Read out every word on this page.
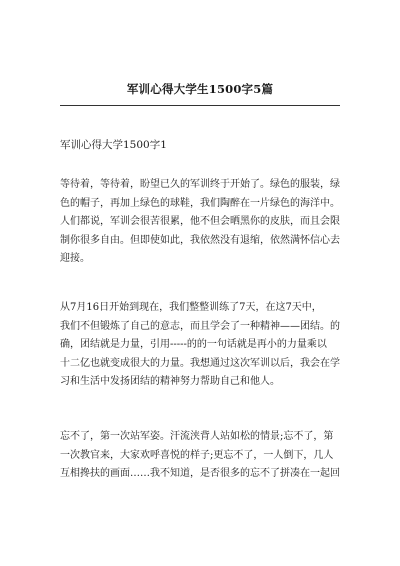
军训心得大学生1500字5篇
军训心得大学1500字1
等待着，等待着，盼望已久的军训终于开始了。绿色的服装，绿
色的帽子，再加上绿色的球鞋，我们陶醉在一片绿色的海洋中。
人们都说，军训会很苦很累，他不但会晒黑你的皮肤，而且会限
制你很多自由。但即使如此，我依然没有退缩，依然满怀信心去
迎接。
从7月16日开始到现在，我们整整训练了7天，在这7天中，
我们不但锻炼了自己的意志，而且学会了一种精神——团结。的
确，团结就是力量，引用-----的的一句话就是再小的力量乘以
十二亿也就变成很大的力量。我想通过这次军训以后，我会在学
习和生活中发扬团结的精神努力帮助自己和他人。
忘不了，第一次站军姿。汗流浃背人站如松的情景;忘不了，第
一次教官来，大家欢呼喜悦的样子;更忘不了，一人倒下，几人
互相搀扶的画面……我不知道，是否很多的忘不了拼凑在一起回
